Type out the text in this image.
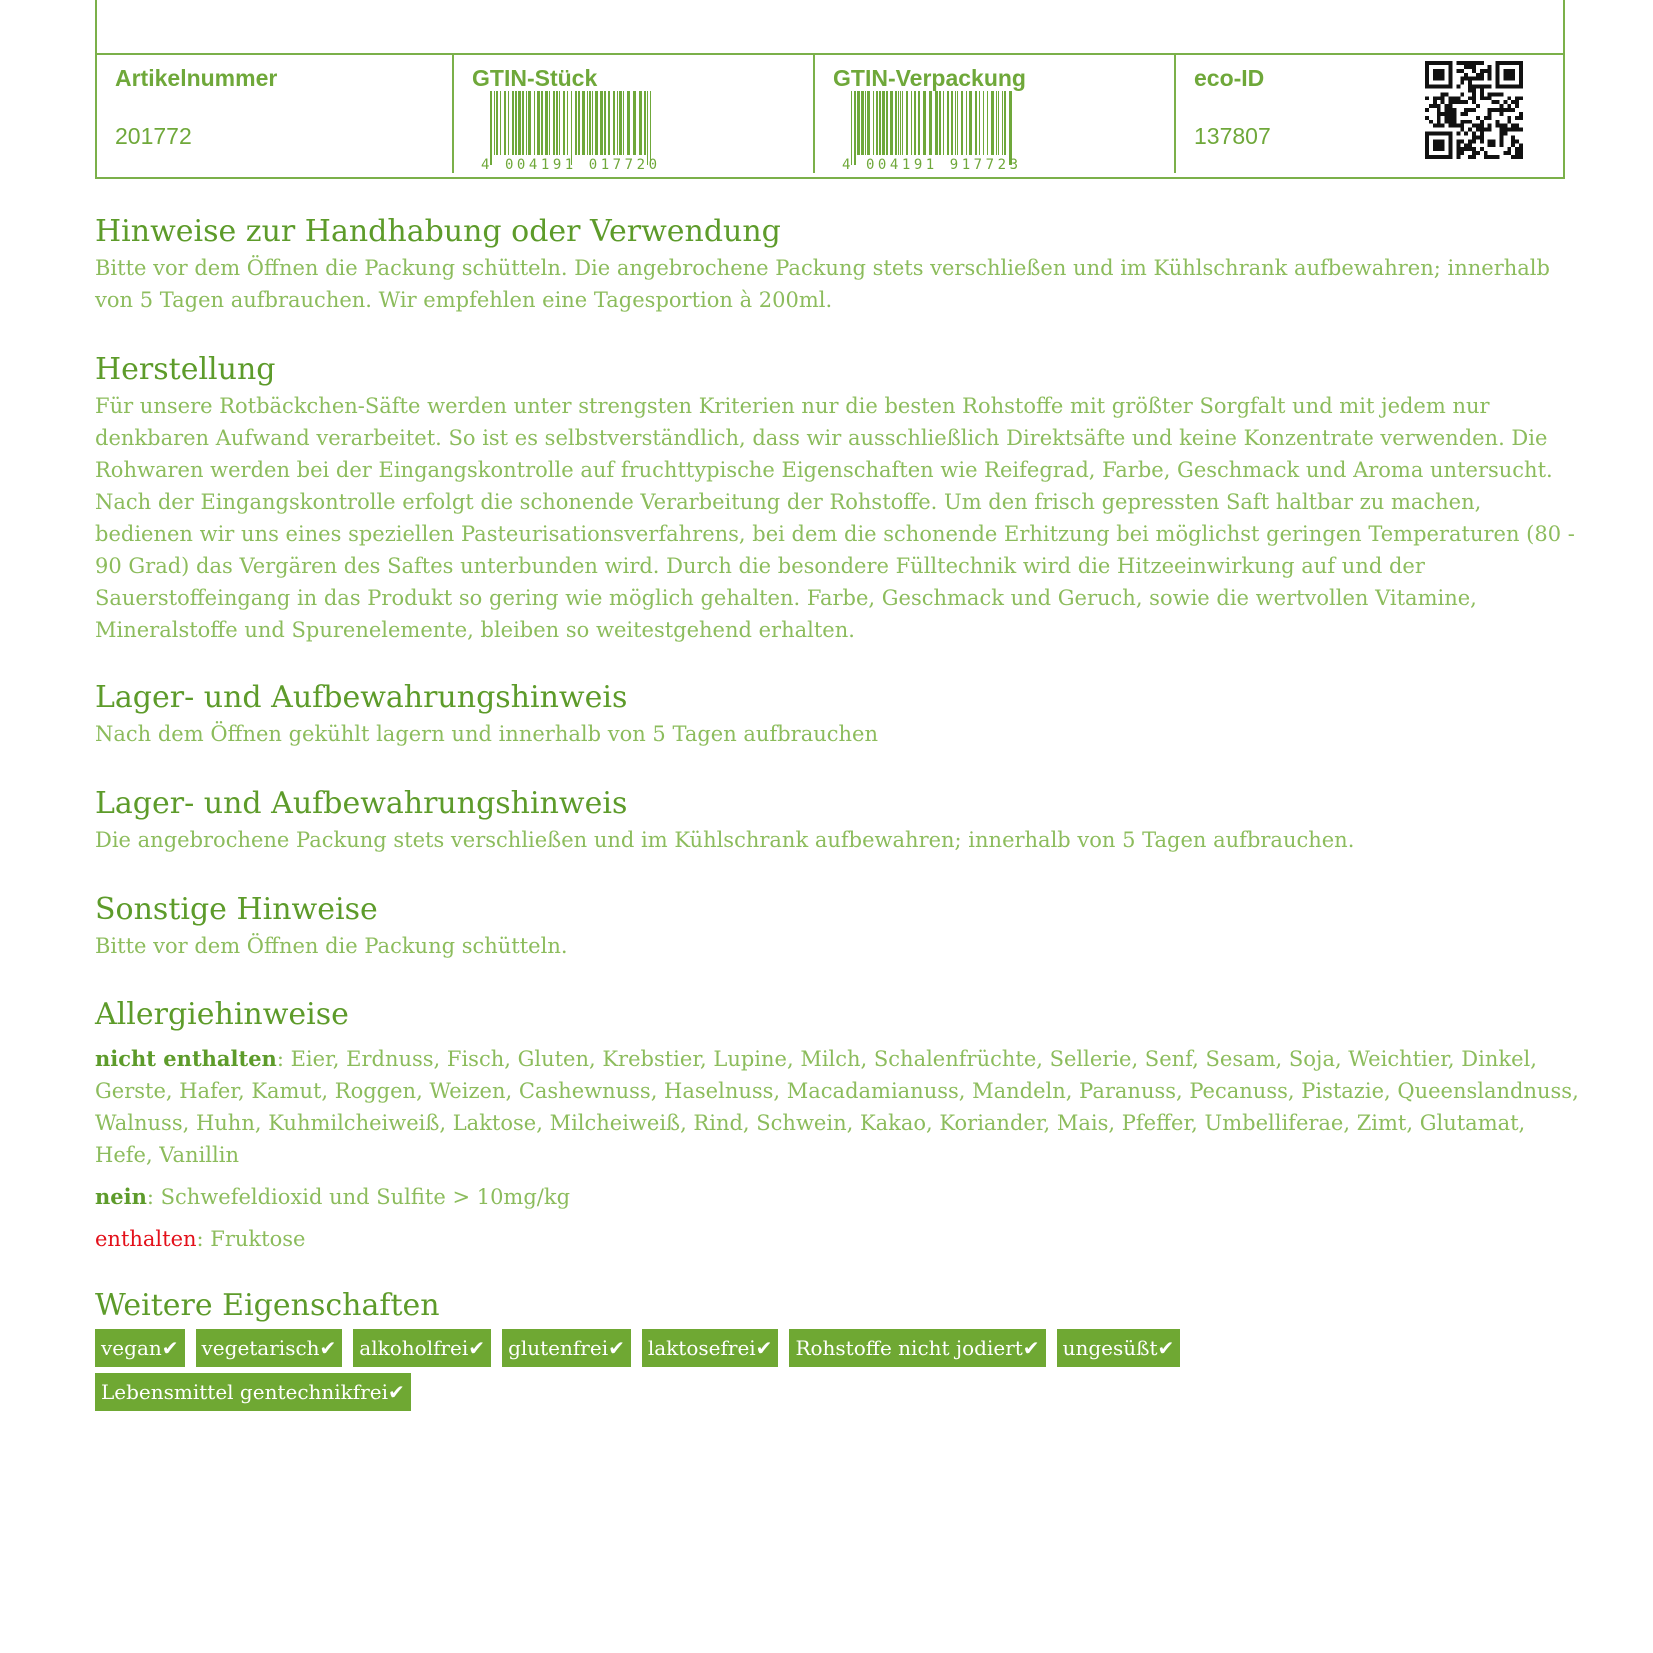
Artikelnummer
201772
GTIN-Stück
4 004191 017720
GTIN-Verpackung
4 004191 917723
eco-ID
137807
Hinweise zur Handhabung oder Verwendung

Bitte vor dem Öffnen die Packung schütteln. Die angebrochene Packung stets verschließen und im Kühlschrank aufbewahren; innerhalb von 5 Tagen aufbrauchen. Wir empfehlen eine Tagesportion à 200ml.

Herstellung

Für unsere Rotbäckchen-Säfte werden unter strengsten Kriterien nur die besten Rohstoffe mit größter Sorgfalt und mit jedem nur denkbaren Aufwand verarbeitet. So ist es selbstverständlich, dass wir ausschließlich Direktsäfte und keine Konzentrate verwenden. Die Rohwaren werden bei der Eingangskontrolle auf fruchttypische Eigenschaften wie Reifegrad, Farbe, Geschmack und Aroma untersucht. Nach der Eingangskontrolle erfolgt die schonende Verarbeitung der Rohstoffe. Um den frisch gepressten Saft haltbar zu machen, bedienen wir uns eines speziellen Pasteurisationsverfahrens, bei dem die schonende Erhitzung bei möglichst geringen Temperaturen (80 - 90 Grad) das Vergären des Saftes unterbunden wird. Durch die besondere Fülltechnik wird die Hitzeeinwirkung auf und der Sauerstoffeingang in das Produkt so gering wie möglich gehalten. Farbe, Geschmack und Geruch, sowie die wertvollen Vitamine, Mineralstoffe und Spurenelemente, bleiben so weitestgehend erhalten.

Lager- und Aufbewahrungshinweis

Nach dem Öffnen gekühlt lagern und innerhalb von 5 Tagen aufbrauchen

Lager- und Aufbewahrungshinweis

Die angebrochene Packung stets verschließen und im Kühlschrank aufbewahren; innerhalb von 5 Tagen aufbrauchen.

Sonstige Hinweise

Bitte vor dem Öffnen die Packung schütteln.

Allergiehinweise
nicht enthalten: Eier, Erdnuss, Fisch, Gluten, Krebstier, Lupine, Milch, Schalenfrüchte, Sellerie, Senf, Sesam, Soja, Weichtier, Dinkel, Gerste, Hafer, Kamut, Roggen, Weizen, Cashewnuss, Haselnuss, Macadamianuss, Mandeln, Paranuss, Pecanuss, Pistazie, Queenslandnuss, Walnuss, Huhn, Kuhmilcheiweiß, Laktose, Milcheiweiß, Rind, Schwein, Kakao, Koriander, Mais, Pfeffer, Umbelliferae, Zimt, Glutamat, Hefe, Vanillin
nein: Schwefeldioxid und Sulfite > 10mg/kg
enthalten: Fruktose
Weitere Eigenschaften
vegan✔ vegetarisch✔ alkoholfrei✔ glutenfrei✔ laktosefrei✔ Rohstoffe nicht jodiert✔ ungesüßt✔
Lebensmittel gentechnikfrei✔
